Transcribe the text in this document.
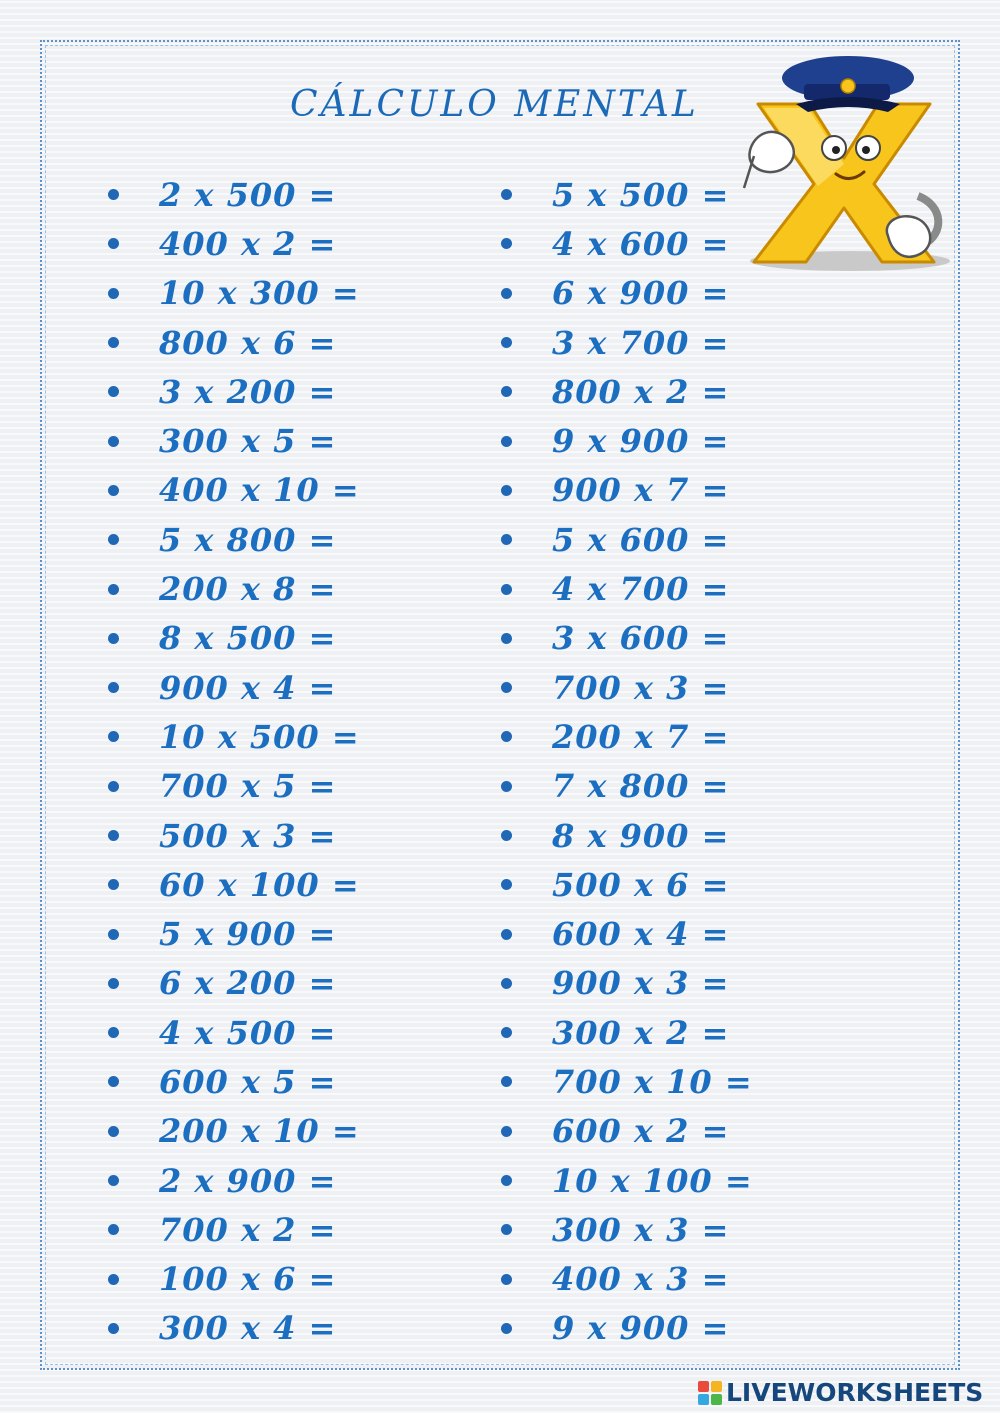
CÁLCULO MENTAL
2 x 500 =
400 x 2 =
10 x 300 =
800 x 6 =
3 x 200 =
300 x 5 =
400 x 10 =
5 x 800 =
200 x 8 =
8 x 500 =
900 x 4 =
10 x 500 =
700 x 5 =
500 x 3 =
60 x 100 =
5 x 900 =
6 x 200 =
4 x 500 =
600 x 5 =
200 x 10 =
2 x 900 =
700 x 2 =
100 x 6 =
300 x 4 =
5 x 500 =
4 x 600 =
6 x 900 =
3 x 700 =
800 x 2 =
9 x 900 =
900 x 7 =
5 x 600 =
4 x 700 =
3 x 600 =
700 x 3 =
200 x 7 =
7 x 800 =
8 x 900 =
500 x 6 =
600 x 4 =
900 x 3 =
300 x 2 =
700 x 10 =
600 x 2 =
10 x 100 =
300 x 3 =
400 x 3 =
9 x 900 =
LIVEWORKSHEETS
